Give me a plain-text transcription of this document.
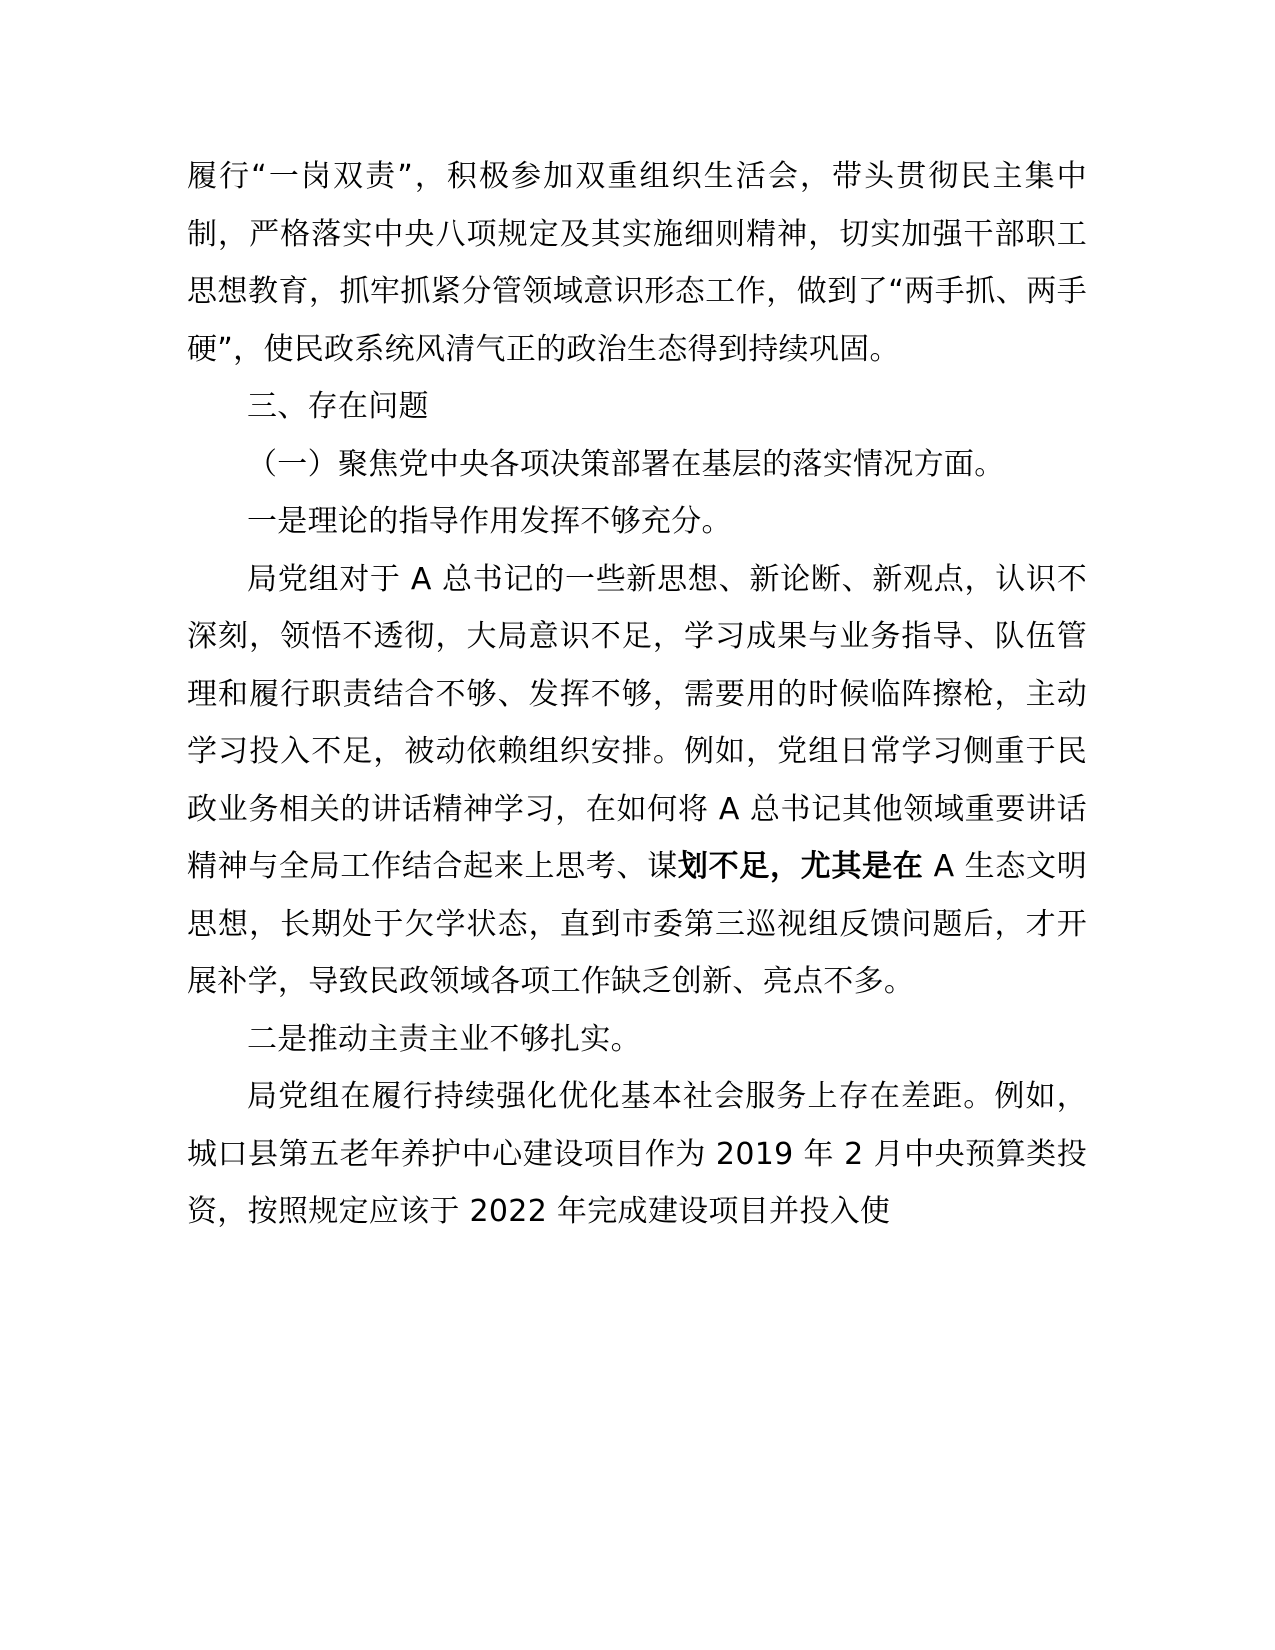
履行“一岗双责”，积极参加双重组织生活会，带头贯彻民主集中制，严格落实中央八项规定及其实施细则精神，切实加强干部职工思想教育，抓牢抓紧分管领域意识形态工作，做到了“两手抓、两手硬”，使民政系统风清气正的政治生态得到持续巩固。

三、存在问题

（一）聚焦党中央各项决策部署在基层的落实情况方面。

一是理论的指导作用发挥不够充分。

局党组对于 A 总书记的一些新思想、新论断、新观点，认识不深刻，领悟不透彻，大局意识不足，学习成果与业务指导、队伍管理和履行职责结合不够、发挥不够，需要用的时候临阵擦枪，主动学习投入不足，被动依赖组织安排。例如，党组日常学习侧重于民政业务相关的讲话精神学习，在如何将 A 总书记其他领域重要讲话精神与全局工作结合起来上思考、谋划不足，尤其是在 A 生态文明思想，长期处于欠学状态，直到市委第三巡视组反馈问题后，才开展补学，导致民政领域各项工作缺乏创新、亮点不多。

二是推动主责主业不够扎实。

局党组在履行持续强化优化基本社会服务上存在差距。例如，城口县第五老年养护中心建设项目作为 2019 年 2 月中央预算类投资，按照规定应该于 2022 年完成建设项目并投入使
